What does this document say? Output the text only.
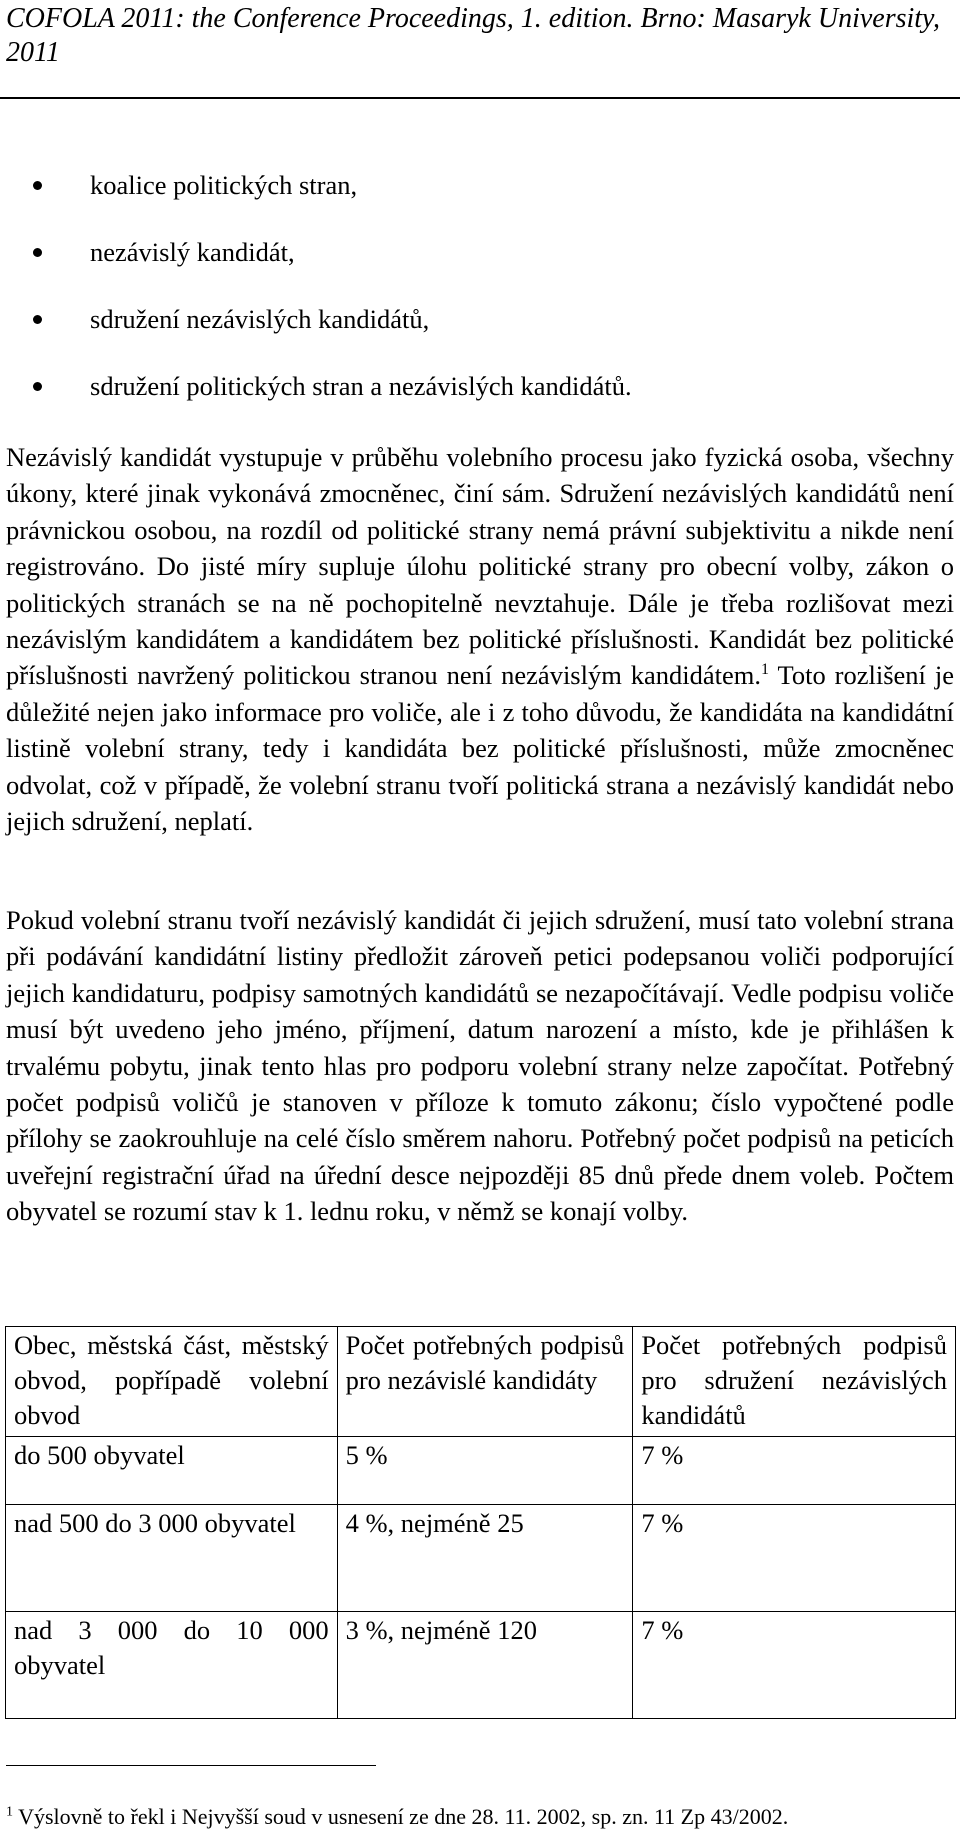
COFOLA 2011: the Conference Proceedings, 1. edition. Brno: Masaryk University, 2011
koalice politických stran,
nezávislý kandidát,
sdružení nezávislých kandidátů,
sdružení politických stran a nezávislých kandidátů.

Nezávislý kandidát vystupuje v průběhu volebního procesu jako fyzická osoba, všechny úkony, které jinak vykonává zmocněnec, činí sám. Sdružení nezávislých kandidátů není právnickou osobou, na rozdíl od politické strany nemá právní subjektivitu a nikde není registrováno. Do jisté míry supluje úlohu politické strany pro obecní volby, zákon o politických stranách se na ně pochopitelně nevztahuje. Dále je třeba rozlišovat mezi nezávislým kandidátem a kandidátem bez politické příslušnosti. Kandidát bez politické příslušnosti navržený politickou stranou není nezávislým kandidátem.$^1$ Toto rozlišení je důležité nejen jako informace pro voliče, ale i z toho důvodu, že kandidáta na kandidátní listině volební strany, tedy i kandidáta bez politické příslušnosti, může zmocněnec odvolat, což v případě, že volební stranu tvoří politická strana a nezávislý kandidát nebo jejich sdružení, neplatí.

Pokud volební stranu tvoří nezávislý kandidát či jejich sdružení, musí tato volební strana při podávání kandidátní listiny předložit zároveň petici podepsanou voliči podporující jejich kandidaturu, podpisy samotných kandidátů se nezapočítávají. Vedle podpisu voliče musí být uvedeno jeho jméno, příjmení, datum narození a místo, kde je přihlášen k trvalému pobytu, jinak tento hlas pro podporu volební strany nelze započítat. Potřebný počet podpisů voličů je stanoven v příloze k tomuto zákonu; číslo vypočtené podle přílohy se zaokrouhluje na celé číslo směrem nahoru. Potřebný počet podpisů na peticích uveřejní registrační úřad na úřední desce nejpozději 85 dnů přede dnem voleb. Počtem obyvatel se rozumí stav k 1. lednu roku, v němž se konají volby.

Obec, městská část, městský obvod, popřípadě volební obvod	Počet potřebných podpisů pro nezávislé kandidáty	Počet potřebných podpisů pro sdružení nezávislých kandidátů
do 500 obyvatel	5 %	7 %
nad 500 do 3 000 obyvatel	4 %, nejméně 25	7 %
nad 3 000 do 10 000 obyvatel	3 %, nejméně 120	7 %
$^1$ Výslovně to řekl i Nejvyšší soud v usnesení ze dne 28. 11. 2002, sp. zn. 11 Zp 43/2002.
